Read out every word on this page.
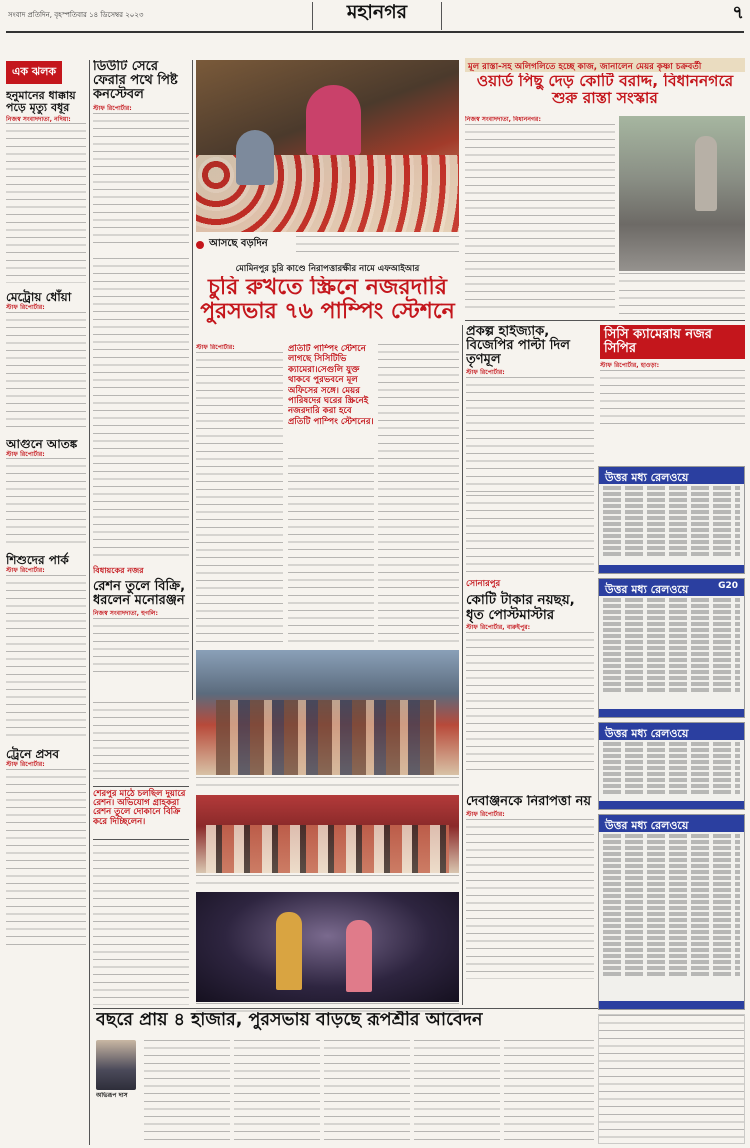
সংবাদ প্রতিদিন, বৃহস্পতিবার ১৪ ডিসেম্বর ২০২৩	মহানগর	৭
এক ঝলক
হনুমানের ধাক্কায় পড়ে মৃত্যু বধূর
নিজস্ব সংবাদদাতা, নদিয়া:
মেট্রোয় ধোঁয়া
স্টাফ রিপোর্টার:
আগুনে আতঙ্ক
স্টাফ রিপোর্টার:
শিশুদের পার্ক
স্টাফ রিপোর্টার:
ট্রেনে প্রসব
স্টাফ রিপোর্টার:
ডিউটি সেরে ফেরার পথে পিষ্ট কনস্টেবল
স্টাফ রিপোর্টার:
আসছে বড়দিন
মূল রাস্তা-সহ অলিগলিতে হচ্ছে কাজ, জানালেন মেয়র কৃষ্ণা চক্রবর্তী
ওয়ার্ড পিছু দেড় কোটি বরাদ্দ, বিধাননগরে শুরু রাস্তা সংস্কার
নিজস্ব সংবাদদাতা, বিধাননগর:
মোমিনপুর চুরি কাণ্ডে নিরাপত্তারক্ষীর নামে এফআইআর
চুরি রুখতে স্ক্রিনে নজরদারি পুরসভার ৭৬ পাম্পিং স্টেশনে
স্টাফ রিপোর্টার:	প্রতিটি পাম্পিং স্টেশনে লাগছে সিসিটিভি ক্যামেরা।সেগুলি যুক্ত থাকবে পুরভবনে মূল অফিসের সঙ্গে। মেয়র পারিষদের ঘরের স্ক্রিনেই নজরদারি করা হবে প্রতিটি পাম্পিং স্টেশনের।
প্রকল্প হাইজ্যাক, বিজেপির পাল্টা দিল তৃণমূল
স্টাফ রিপোর্টার:
সিসি ক্যামেরায় নজর সিপির
স্টাফ রিপোর্টার, হাওড়া:
উত্তর মধ্য রেলওয়ে
উত্তর মধ্য রেলওয়ে	G20
উত্তর মধ্য রেলওয়ে
উত্তর মধ্য রেলওয়ে
বিধায়কের নজর
রেশন তুলে বিক্রি, ধরলেন মনোরঞ্জন
নিজস্ব সংবাদদাতা, হুগলি:
শেরপুর মাঠে চলছিল দুয়ারে রেশন। অভিযোগ গ্রাহকরা রেশন তুলে দোকানে বিক্রি করে দিচ্ছিলেন।
সোনারপুর
কোটি টাকার নয়ছয়, ধৃত পোস্টমাস্টার
স্টাফ রিপোর্টার, বারুইপুর:
দেবাঞ্জনকে নিরাপত্তা নয়
স্টাফ রিপোর্টার:
বছরে প্রায় ৪ হাজার, পুরসভায় বাড়ছে রূপশ্রীর আবেদন
অভিরূপ দাস
